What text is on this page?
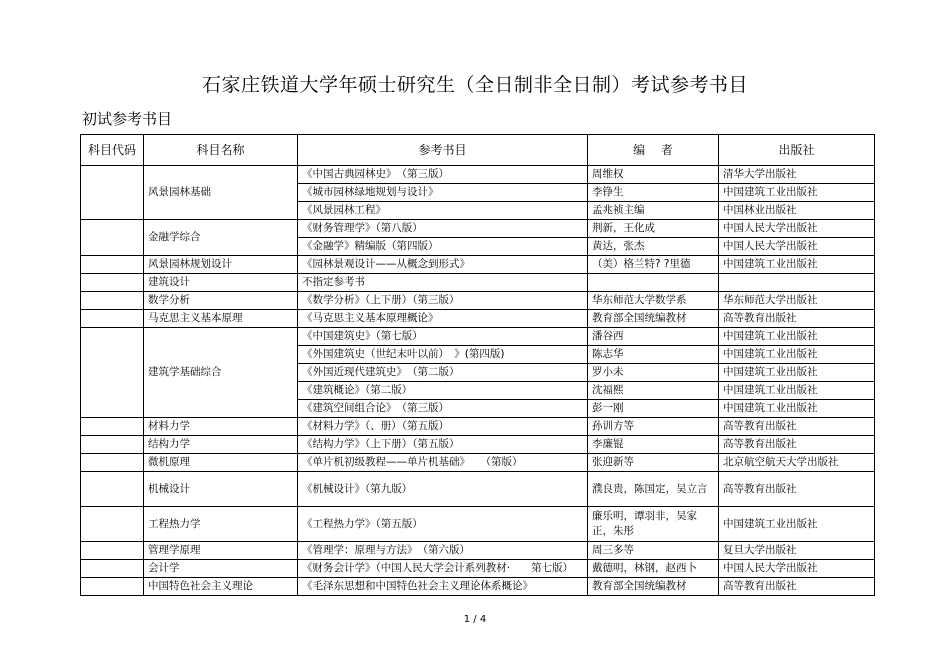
石家庄铁道大学年硕士研究生（全日制非全日制）考试参考书目
初试参考书目
科目代码	科目名称	参考书目	编　 者	出版社
	风景园林基础	《中国古典园林史》　（第三版）	周维权	清华大学出版社
		《城市园林绿地规划与设计》	李铮生	中国建筑工业出版社
		《风景园林工程》	孟兆祯主编	中国林业出版社
	金融学综合	《财务管理学》（第八版）	荆新，王化成	中国人民大学出版社
		《金融学》精编版（第四版）	黄达，张杰	中国人民大学出版社
	风景园林规划设计	《园林景观设计——从概念到形式》	（美）格兰特? ?里德	中国建筑工业出版社
	建筑设计	不指定参考书		
	数学分析	《数学分析》（上下册）（第三版）	华东师范大学数学系	华东师范大学出版社
	马克思主义基本原理	《马克思主义基本原理概论》	教育部全国统编教材	高等教育出版社
	建筑学基础综合	《中国建筑史》（第七版）	潘谷西	中国建筑工业出版社
		《外国建筑史（世纪末叶以前）　》(第四版)	陈志华	中国建筑工业出版社
		《外国近现代建筑史》　（第二版）	罗小未	中国建筑工业出版社
		《建筑概论》（第二版）	沈福熙	中国建筑工业出版社
		《建筑空间组合论》　（第三版）	彭一刚	中国建筑工业出版社
	材料力学	《材料力学》（、册）（第五版）	孙训方等	高等教育出版社
	结构力学	《结构力学》（上下册）（第五版）	李廉锟	高等教育出版社
	微机原理	《单片机初级教程——单片机基础》　　（第版）	张迎新等	北京航空航天大学出版社
	机械设计	《机械设计》（第九版）	濮良贵，陈国定，吴立言	高等教育出版社
	工程热力学	《工程热力学》（第五版）	廉乐明，谭羽非，吴家正，朱彤	中国建筑工业出版社
	管理学原理	《管理学：原理与方法》　（第六版）	周三多等	复旦大学出版社
	会计学	《财务会计学》（中国人民大学会计系列教材·　　第七版）	戴德明，林钢，赵西卜	中国人民大学出版社
	中国特色社会主义理论	《毛泽东思想和中国特色社会主义理论体系概论》	教育部全国统编教材	高等教育出版社
1 / 4
